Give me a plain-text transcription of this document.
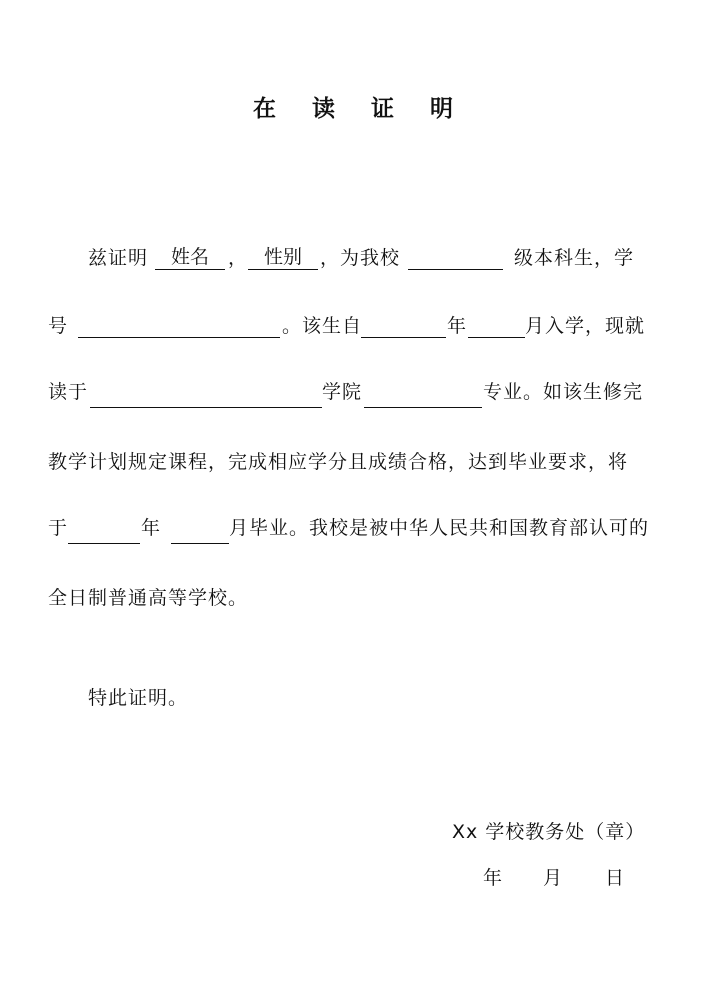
在 读 证 明
兹证明	姓名	， 性别 ，为我校	级本科生，学
号	。该生自	年	月入学，现就
读于	学院	专业。如该生修完
教学计划规定课程，完成相应学分且成绩合格，达到毕业要求，将
于	年	月毕业。我校是被中华人民共和国教育部认可的
全日制普通高等学校。
特此证明。
Xx 学校教务处（章）
年 月 日
